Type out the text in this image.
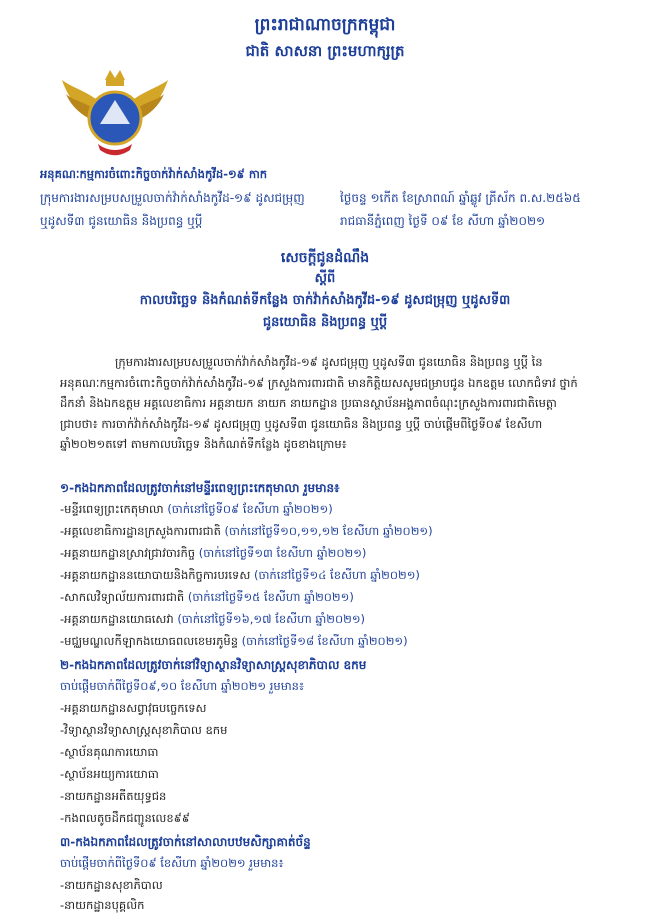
ព្រះរាជាណាចក្រកម្ពុជា
ជាតិ សាសនា ព្រះមហាក្សត្រ
អនុគណៈកម្មការចំពោះកិច្ចចាក់វ៉ាក់សាំងកូវីដ-១៩ កាក
ក្រុមការងារសម្របសម្រួលចាក់វ៉ាក់សាំងកូវីដ-១៩ ដូសជម្រុញ
ឬដូសទី៣ ជូនយោធិន និងប្រពន្ធ ឬប្តី
ថ្ងៃចន្ទ ១កើត ខែស្រាពណ៍ ឆ្នាំឆ្លូវ ត្រីស័ក ព.ស.២៥៦៥
រាជធានីភ្នំពេញ ថ្ងៃទី ០៩ ខែ សីហា ឆ្នាំ២០២១
សេចក្តីជូនដំណឹង
ស្តីពី
កាលបរិច្ឆេទ និងកំណត់ទីកន្លែង ចាក់វ៉ាក់សាំងកូវីដ-១៩ ដូសជម្រុញ ឬដូសទី៣
ជូនយោធិន និងប្រពន្ធ ឬប្តី
ក្រុមការងារសម្របសម្រួលចាក់វ៉ាក់សាំងកូវីដ-១៩ ដូសជម្រុញ ឬដូសទី៣ ជូនយោធិន និងប្រពន្ធ ឬប្តី នៃអនុគណៈកម្មការចំពោះកិច្ចចាក់វ៉ាក់សាំងកូវីដ-១៩ ក្រសួងការពារជាតិ មានកិត្តិយសសូមជម្រាបជូន ឯកឧត្តម លោកជំទាវ ថ្នាក់ដឹកនាំ និងឯកឧត្តម អគ្គលេខាធិការ អគ្គនាយក នាយក នាយកដ្ឋាន ប្រធានស្ថាប័នអង្គភាពចំណុះក្រសួងការពារជាតិមេត្តាជ្រាបថា៖ ការចាក់វ៉ាក់សាំងកូវីដ-១៩ ដូសជម្រុញ ឬដូសទី៣ ជូនយោធិន និងប្រពន្ធ ឬប្តី ចាប់ផ្តើមពីថ្ងៃទី០៩ ខែសីហា ឆ្នាំ២០២១តទៅ តាមកាលបរិច្ឆេទ និងកំណត់ទីកន្លែង ដូចខាងក្រោម៖
១-កងឯកភាពដែលត្រូវចាក់នៅមន្ទីរពេទ្យព្រះកេតុមាលា រួមមាន៖
-មន្ទីរពេទ្យព្រះកេតុមាលា (ចាក់នៅថ្ងៃទី០៩ ខែសីហា ឆ្នាំ២០២១)
-អគ្គលេខាធិការដ្ឋានក្រសួងការពារជាតិ (ចាក់នៅថ្ងៃទី១០,១១,១២ ខែសីហា ឆ្នាំ២០២១)
-អគ្គនាយកដ្ឋានស្រាវជ្រាវចារកិច្ច (ចាក់នៅថ្ងៃទី១៣ ខែសីហា ឆ្នាំ២០២១)
-អគ្គនាយកដ្ឋាននយោបាយនិងកិច្ចការបរទេស (ចាក់នៅថ្ងៃទី១៤ ខែសីហា ឆ្នាំ២០២១)
-សាកលវិទ្យាល័យការពារជាតិ (ចាក់នៅថ្ងៃទី១៥ ខែសីហា ឆ្នាំ២០២១)
-អគ្គនាយកដ្ឋានយោធសេវា (ចាក់នៅថ្ងៃទី១៦,១៧ ខែសីហា ឆ្នាំ២០២១)
-មជ្ឈមណ្ឌលកីឡាកងយោធពលខេមរភូមិន្ទ (ចាក់នៅថ្ងៃទី១៨ ខែសីហា ឆ្នាំ២០២១)
២-កងឯកភាពដែលត្រូវចាក់នៅវិទ្យាស្ថានវិទ្យាសាស្ត្រសុខាភិបាល ឧកម
ចាប់ផ្តើមចាក់ពីថ្ងៃទី០៩,១០ ខែសីហា ឆ្នាំ២០២១ រួមមាន៖
-អគ្គនាយកដ្ឋានសព្វាវុធបច្ចេកទេស
-វិទ្យាស្ថានវិទ្យាសាស្ត្រសុខាភិបាល ឧកម
-ស្ថាប័នគុណការយោធា
-ស្ថាប័នអយ្យការយោធា
-នាយកដ្ឋានអតីតយុទ្ធជន
-កងពលតូចដឹកជញ្ជូនលេខ៩៩
៣-កងឯកភាពដែលត្រូវចាក់នៅសាលាបឋមសិក្សាគាត់ច័ន្ទ
ចាប់ផ្តើមចាក់ពីថ្ងៃទី០៩ ខែសីហា ឆ្នាំ២០២១ រួមមាន៖
-នាយកដ្ឋានសុខាភិបាល
-នាយកដ្ឋានបុគ្គលិក
